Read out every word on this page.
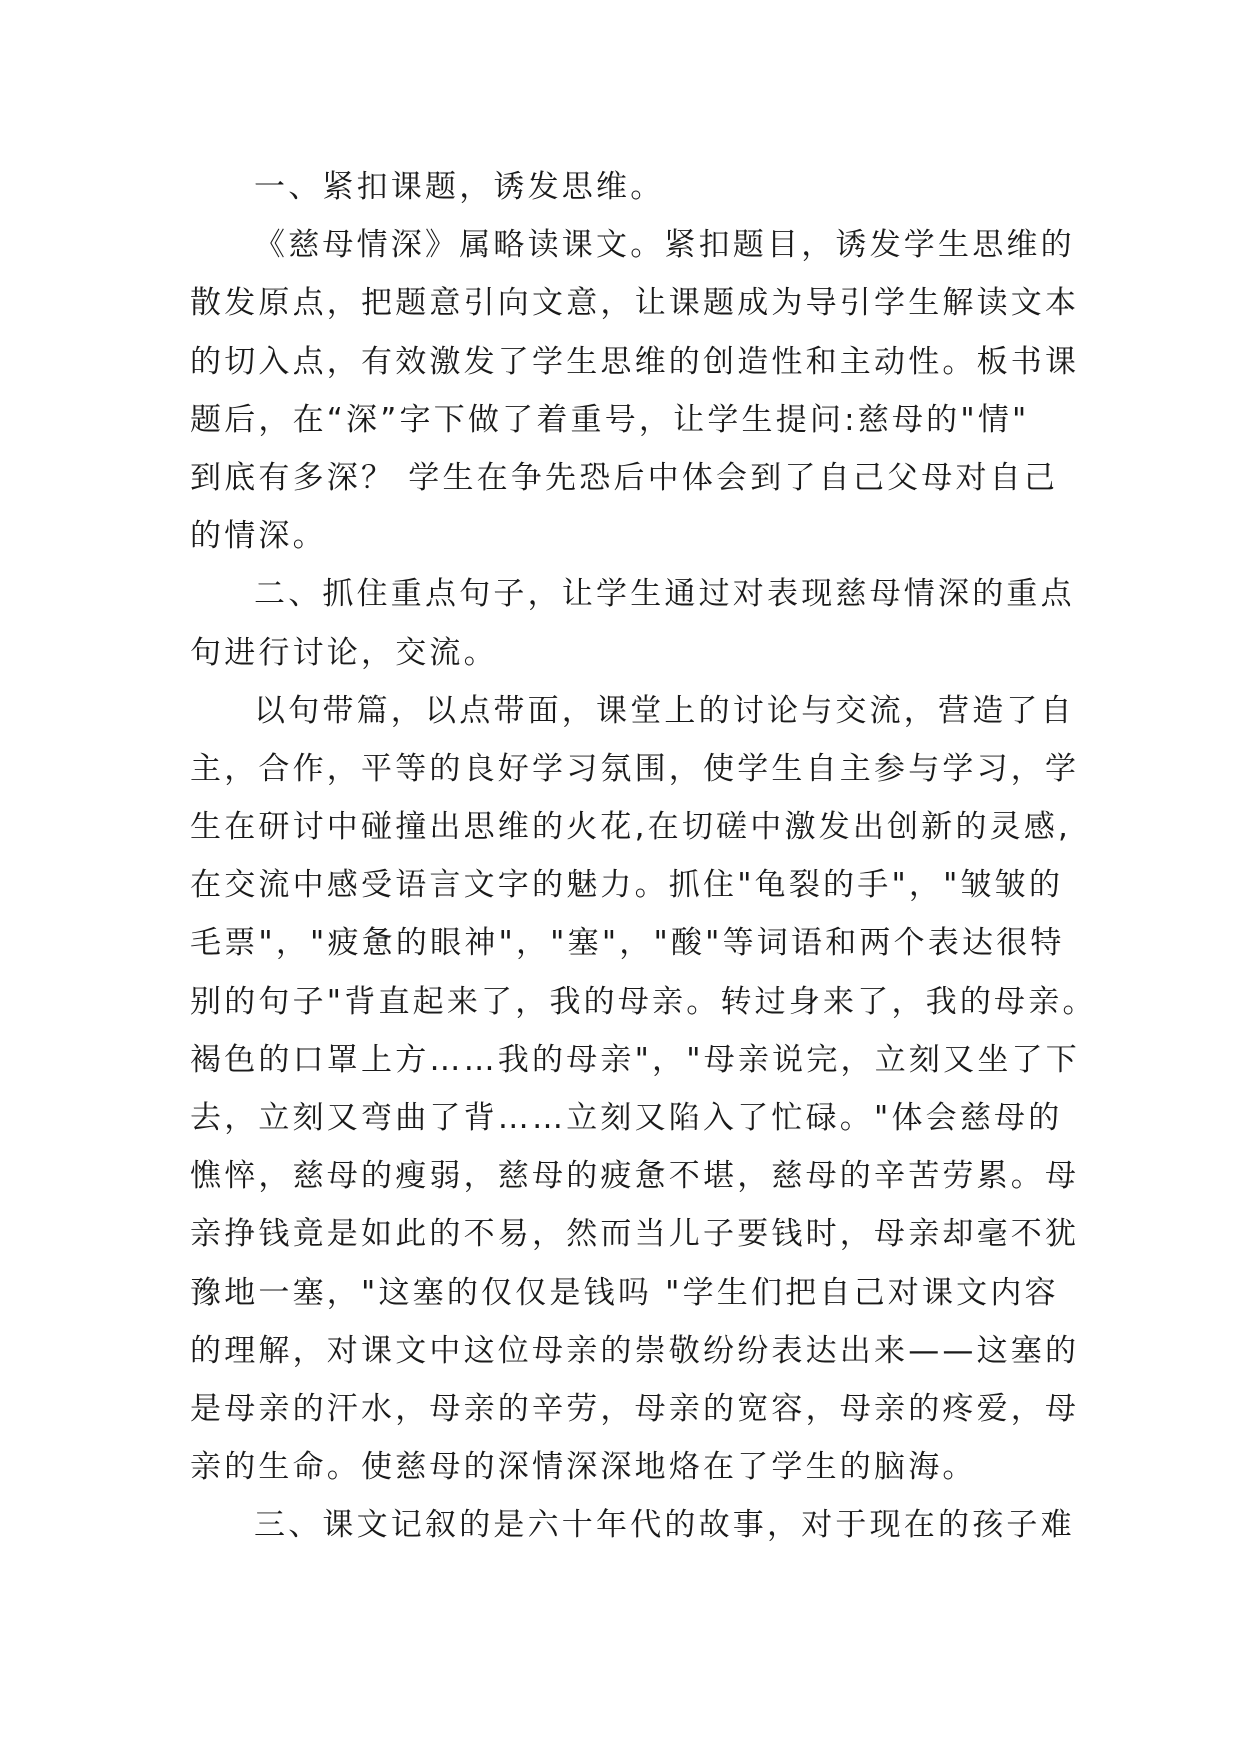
一、紧扣课题，诱发思维。
《慈母情深》属略读课文。紧扣题目，诱发学生思维的
散发原点，把题意引向文意，让课题成为导引学生解读文本
的切入点，有效激发了学生思维的创造性和主动性。板书课
题后，在“深”字下做了着重号，让学生提问:慈母的"情"
到底有多深？ 学生在争先恐后中体会到了自己父母对自己
的情深。
二、抓住重点句子，让学生通过对表现慈母情深的重点
句进行讨论，交流。
以句带篇，以点带面，课堂上的讨论与交流，营造了自
主，合作，平等的良好学习氛围，使学生自主参与学习，学
生在研讨中碰撞出思维的火花,在切磋中激发出创新的灵感,
在交流中感受语言文字的魅力。抓住"龟裂的手"，"皱皱的
毛票"，"疲惫的眼神"，"塞"，"酸"等词语和两个表达很特
别的句子"背直起来了，我的母亲。转过身来了，我的母亲。
褐色的口罩上方……我的母亲"，"母亲说完，立刻又坐了下
去，立刻又弯曲了背……立刻又陷入了忙碌。"体会慈母的
憔悴，慈母的瘦弱，慈母的疲惫不堪，慈母的辛苦劳累。母
亲挣钱竟是如此的不易，然而当儿子要钱时，母亲却毫不犹
豫地一塞，"这塞的仅仅是钱吗 "学生们把自己对课文内容
的理解，对课文中这位母亲的崇敬纷纷表达出来——这塞的
是母亲的汗水，母亲的辛劳，母亲的宽容，母亲的疼爱，母
亲的生命。使慈母的深情深深地烙在了学生的脑海。
三、课文记叙的是六十年代的故事，对于现在的孩子难
